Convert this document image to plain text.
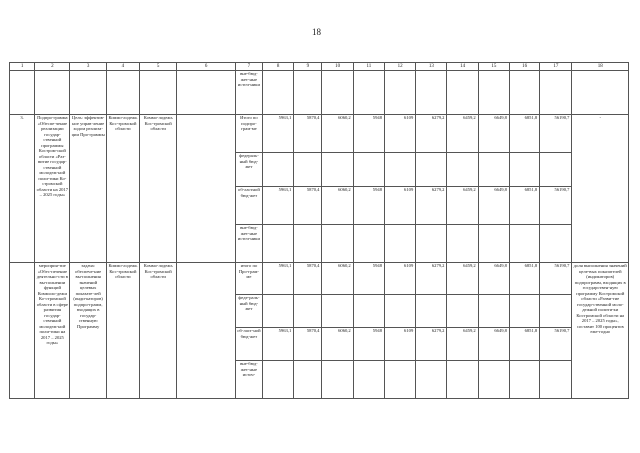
18
1	2	3	4	5	6	7	8	9	10	11	12	13	14	15	16	17	18
						вне-бюд-жет-ные источ-ники											
3.	Подпро-грамма «Обеспе-чение реализации государ-ственной программы Костром-ской области «Раз-витие государ-ственной молодеж-ной поли-тики Ко-стромской области на 2017 – 2025 годы»	Цель: эффектив-ное управ-ление ходом реализа-ции Про-граммы	Коммо-лодежь Кос-тромской области	Коммо-лодежь Кос-тромской области		Итого по подпро-грам-ме	5963,1	5870,4	6060,2	5948	6109	6279,2	6459,2	6649,8	6851,8	56190,7	-
						федераль-ный бюд-жет											
						об-ластной бюд-жет	5963,1	5870,4	6060,2	5948	6109	6279,2	6459,2	6649,8	6851,8	56190,7	
						вне-бюд-жет-ные источ-ники											
	мероприя-тие «Обес-печение деятельно-сти в вы-полнении функций Коммоло-дежи Ко-стромской области в сфере развития государ-ственной молодеж-ной поли-тики на 2017 – 2025 годы»	задача: обеспече-ние вы-полнения значений целевых показате-лей (инди-каторов) подпро-грамм, входящих в государ-ственную Программу	Коммо-лодежь Кос-тромской области	Коммо-лодежь Кос-тромской области		итого по Про-грам-ме	5963,1	5870,4	6060,2	5948	6109	6279,2	6459,2	6649,8	6851,8	56190,7	доля выполнения значений целе-вых показателей (индикаторов) подпрограмм, входящих в государствен-ную программу Костромской области «Разви-тие государ-ственной моло-дежной полити-ки Костромской области на 2017 – 2025 годы», составит 100 процентов еже-годно
						феде-раль-ный бюд-жет											
						об-ласт-ной бюд-жет	5963,1	5870,4	6060,2	5948	6109	6279,2	6459,2	6649,8	6851,8	56190,7	
						вне-бюд-жет-ные источ-											
